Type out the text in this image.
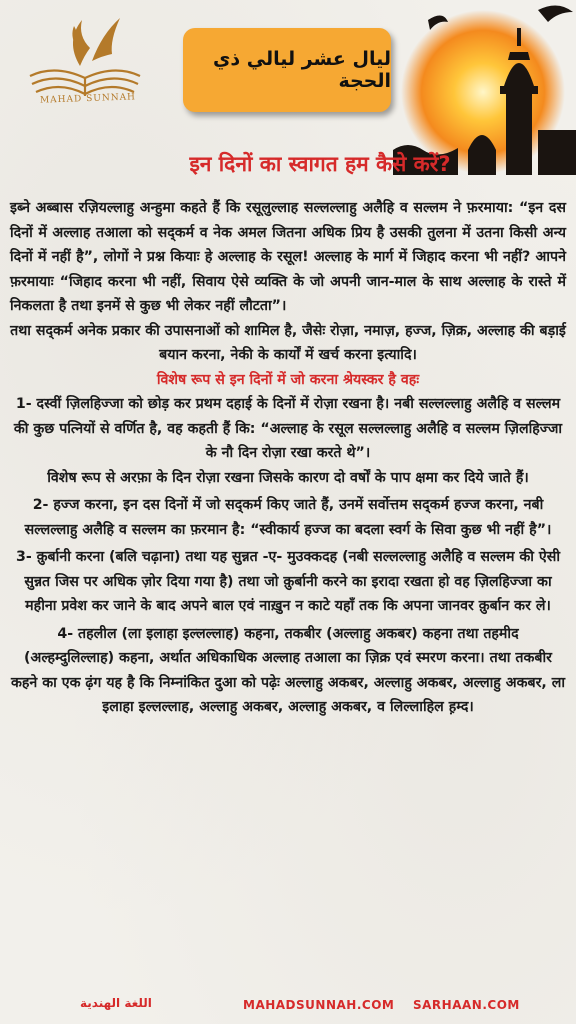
MAHAD SUNNAH
ليال عشر ليالي ذي الحجة
इन दिनों का स्वागत हम कैसे करें?

इब्ने अब्बास रज़ियल्लाहु अन्हुमा कहते हैं कि रसूलुल्लाह सल्लल्लाहु अलैहि व सल्लम ने फ़रमाया: “इन दस दिनों में अल्लाह तआला को सद्कर्म व नेक अमल जितना अधिक प्रिय है उसकी तुलना में उतना किसी अन्य दिनों में नहीं है”, लोगों ने प्रश्न कियाः हे अल्लाह के रसूल! अल्लाह के मार्ग में जिहाद करना भी नहीं? आपने फ़रमायाः “जिहाद करना भी नहीं, सिवाय ऐसे व्यक्ति के जो अपनी जान-माल के साथ अल्लाह के रास्ते में निकलता है तथा इनमें से कुछ भी लेकर नहीं लौटता”।

तथा सद्कर्म अनेक प्रकार की उपासनाओं को शामिल है, जैसेः रोज़ा, नमाज़, हज्ज, ज़िक्र, अल्लाह की बड़ाई बयान करना, नेकी के कार्यों में खर्च करना इत्यादि।

विशेष रूप से इन दिनों में जो करना श्रेयस्कर है वहः

1- दस्वीं ज़िलहिज्जा को छोड़ कर प्रथम दहाई के दिनों में रोज़ा रखना है। नबी सल्लल्लाहु अलैहि व सल्लम की कुछ पत्नियों से वर्णित है, वह कहती हैं कि: “अल्लाह के रसूल सल्लल्लाहु अलैहि व सल्लम ज़िलहिज्जा के नौ दिन रोज़ा रखा करते थे”।

विशेष रूप से अरफ़ा के दिन रोज़ा रखना जिसके कारण दो वर्षों के पाप क्षमा कर दिये जाते हैं।

2- हज्ज करना, इन दस दिनों में जो सद्कर्म किए जाते हैं, उनमें सर्वोत्तम सद्कर्म हज्ज करना, नबी सल्लल्लाहु अलैहि व सल्लम का फ़रमान है: “स्वीकार्य हज्ज का बदला स्वर्ग के सिवा कुछ भी नहीं है”।

3- क़ुर्बानी करना (बलि चढ़ाना) तथा यह सुन्नत -ए- मुउक्कदह (नबी सल्लल्लाहु अलैहि व सल्लम की ऐसी सुन्नत जिस पर अधिक ज़ोर दिया गया है) तथा जो क़ुर्बानी करने का इरादा रखता हो वह ज़िलहिज्जा का महीना प्रवेश कर जाने के बाद अपने बाल एवं नाख़ुन न काटे यहाँ तक कि अपना जानवर क़ुर्बान कर ले।

4- तहलील (ला इलाहा इल्लल्लाह) कहना, तकबीर (अल्लाहु अकबर) कहना तथा तहमीद (अल्हम्दुलिल्लाह) कहना, अर्थात अधिकाधिक अल्लाह तआला का ज़िक्र एवं स्मरण करना। तथा तकबीर कहने का एक ढ़ंग यह है कि निम्नांकित दुआ को पढ़ेः अल्लाहु अकबर, अल्लाहु अकबर, अल्लाहु अकबर, ला इलाहा इल्लल्लाह, अल्लाहु अकबर, अल्लाहु अकबर, व लिल्लाहिल ह़म्द।

اللغة الهندية	MAHADSUNNAH.COM SARHAAN.COM
